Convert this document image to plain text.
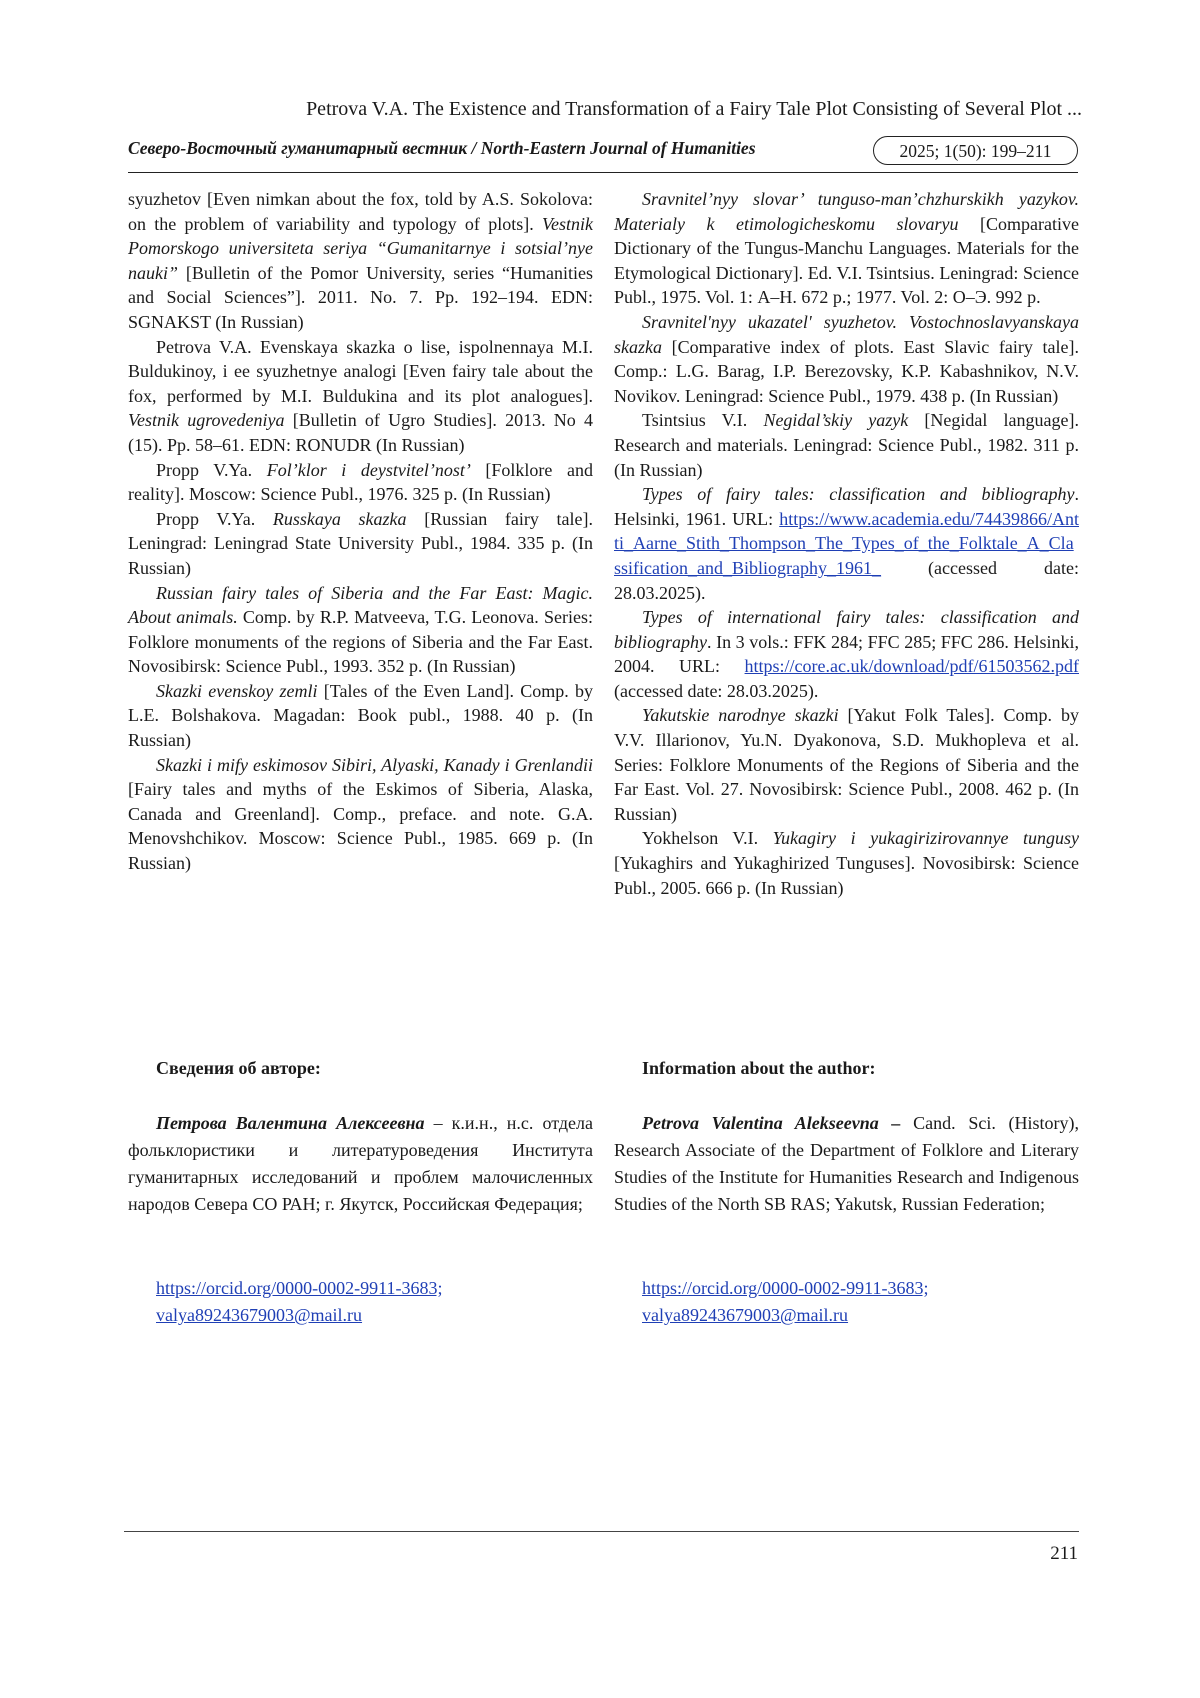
Petrova V.A. The Existence and Transformation of a Fairy Tale Plot Consisting of Several Plot ...
Северо-Восточный гуманитарный вестник / North-Eastern Journal of Humanities	2025; 1(50): 199–211

syuzhetov [Even nimkan about the fox, told by A.S. Sokolova: on the problem of variability and typology of plots]. Vestnik Pomorskogo universiteta seriya “Gumanitarnye i sotsial’nye nauki” [Bulletin of the Pomor University, series “Humanities and Social Sciences”]. 2011. No. 7. Pp. 192–194. EDN: SGNAKST (In Russian)

Petrova V.A. Evenskaya skazka o lise, ispolnennaya M.I. Buldukinoy, i ee syuzhetnye analogi [Even fairy tale about the fox, performed by M.I. Buldukina and its plot analogues]. Vestnik ugrovedeniya [Bulletin of Ugro Studies]. 2013. No 4 (15). Pp. 58–61. EDN: RONUDR (In Russian)

Propp V.Ya. Fol’klor i deystvitel’nost’ [Folklore and reality]. Moscow: Science Publ., 1976. 325 p. (In Russian)

Propp V.Ya. Russkaya skazka [Russian fairy tale]. Leningrad: Leningrad State University Publ., 1984. 335 p. (In Russian)

Russian fairy tales of Siberia and the Far East: Magic. About animals. Comp. by R.P. Matveeva, T.G. Leonova. Series: Folklore monuments of the regions of Siberia and the Far East. Novosibirsk: Science Publ., 1993. 352 p. (In Russian)

Skazki evenskoy zemli [Tales of the Even Land]. Comp. by L.E. Bolshakova. Magadan: Book publ., 1988. 40 p. (In Russian)

Skazki i mify eskimosov Sibiri, Alyaski, Kanady i Grenlandii [Fairy tales and myths of the Eskimos of Siberia, Alaska, Canada and Greenland]. Comp., preface. and note. G.A. Menovshchikov. Moscow: Science Publ., 1985. 669 p. (In Russian)

Sravnitel’nyy slovar’ tunguso-man’chzhurskikh yazykov. Materialy k etimologicheskomu slovaryu [Comparative Dictionary of the Tungus-Manchu Languages. Materials for the Etymological Dictionary]. Ed. V.I. Tsintsius. Leningrad: Science Publ., 1975. Vol. 1: А–Н. 672 p.; 1977. Vol. 2: О–Э. 992 p.

Sravnitel'nyy ukazatel' syuzhetov. Vostochnoslavyanskaya skazka [Comparative index of plots. East Slavic fairy tale]. Comp.: L.G. Barag, I.P. Berezovsky, K.P. Kabashnikov, N.V. Novikov. Leningrad: Science Publ., 1979. 438 p. (In Russian)

Tsintsius V.I. Negidal’skiy yazyk [Negidal language]. Research and materials. Leningrad: Science Publ., 1982. 311 p. (In Russian)

Types of fairy tales: classification and bibliography. Helsinki, 1961. URL: https://www.academia.edu/74439866/Antti_Aarne_Stith_Thompson_The_Types_of_the_Folktale_A_Classification_and_Bibliography_1961_ (accessed date: 28.03.2025).

Types of international fairy tales: classification and bibliography. In 3 vols.: FFK 284; FFC 285; FFC 286. Helsinki, 2004. URL: https://core.ac.uk/download/pdf/61503562.pdf (accessed date: 28.03.2025).

Yakutskie narodnye skazki [Yakut Folk Tales]. Comp. by V.V. Illarionov, Yu.N. Dyakonova, S.D. Mukhopleva et al. Series: Folklore Monuments of the Regions of Siberia and the Far East. Vol. 27. Novosibirsk: Science Publ., 2008. 462 p. (In Russian)

Yokhelson V.I. Yukagiry i yukagirizirovannye tungusy [Yukaghirs and Yukaghirized Tunguses]. Novosibirsk: Science Publ., 2005. 666 p. (In Russian)

Сведения об авторе:

Петрова Валентина Алексеевна – к.и.н., н.с. отдела фольклористики и литературоведения Института гуманитарных исследований и проблем малочисленных народов Севера СО РАН; г. Якутск, Российская Федерация;

https://orcid.org/0000-0002-9911-3683;
valya89243679003@mail.ru

Information about the author:

Petrova Valentina Alekseevna – Cand. Sci. (History), Research Associate of the Department of Folklore and Literary Studies of the Institute for Humanities Research and Indigenous Studies of the North SB RAS; Yakutsk, Russian Federation;

https://orcid.org/0000-0002-9911-3683;
valya89243679003@mail.ru

211
